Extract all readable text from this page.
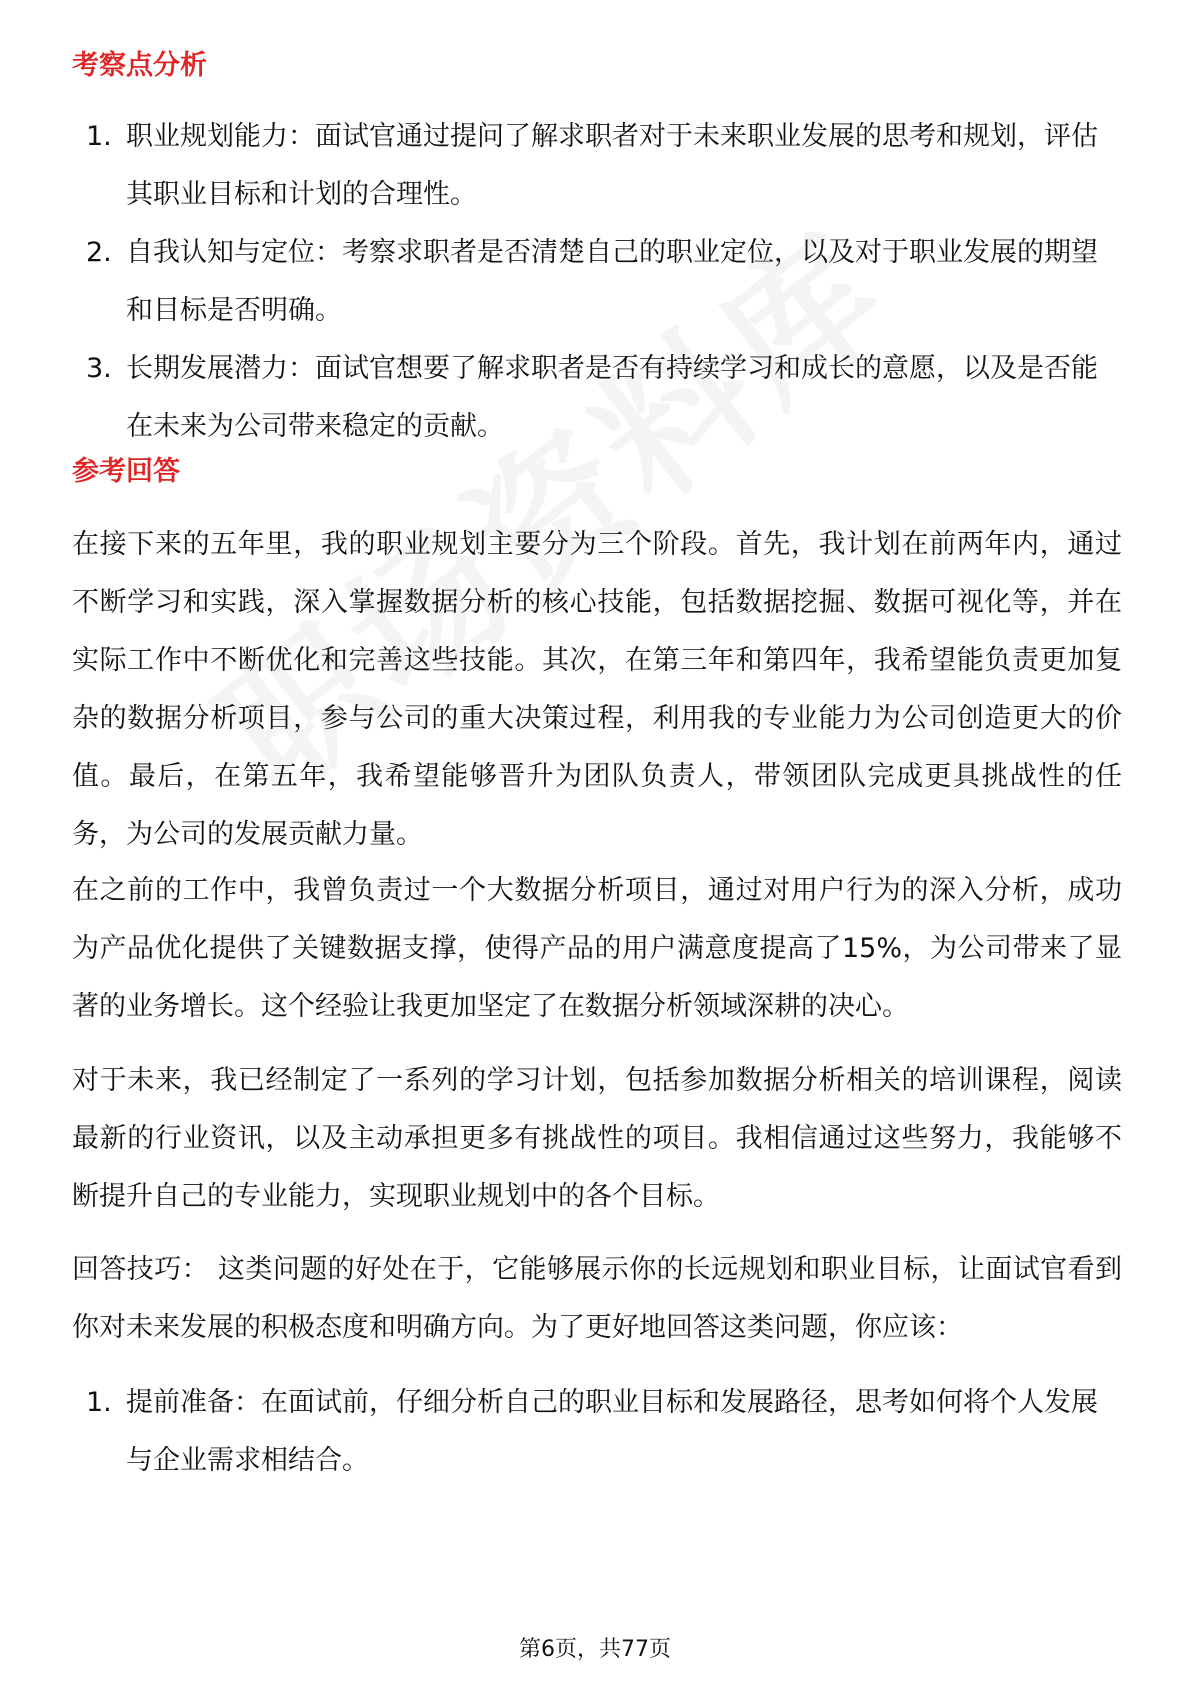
考察点分析
1. 职业规划能力：面试官通过提问了解求职者对于未来职业发展的思考和规划，评估其职业目标和计划的合理性。
2. 自我认知与定位：考察求职者是否清楚自己的职业定位，以及对于职业发展的期望和目标是否明确。
3. 长期发展潜力：面试官想要了解求职者是否有持续学习和成长的意愿，以及是否能在未来为公司带来稳定的贡献。
参考回答

在接下来的五年里，我的职业规划主要分为三个阶段。首先，我计划在前两年内，通过不断学习和实践，深入掌握数据分析的核心技能，包括数据挖掘、数据可视化等，并在实际工作中不断优化和完善这些技能。其次，在第三年和第四年，我希望能负责更加复杂的数据分析项目，参与公司的重大决策过程，利用我的专业能力为公司创造更大的价值。最后，在第五年，我希望能够晋升为团队负责人，带领团队完成更具挑战性的任务，为公司的发展贡献力量。

在之前的工作中，我曾负责过一个大数据分析项目，通过对用户行为的深入分析，成功为产品优化提供了关键数据支撑，使得产品的用户满意度提高了15%，为公司带来了显著的业务增长。这个经验让我更加坚定了在数据分析领域深耕的决心。

对于未来，我已经制定了一系列的学习计划，包括参加数据分析相关的培训课程，阅读最新的行业资讯，以及主动承担更多有挑战性的项目。我相信通过这些努力，我能够不断提升自己的专业能力，实现职业规划中的各个目标。

回答技巧： 这类问题的好处在于，它能够展示你的长远规划和职业目标，让面试官看到你对未来发展的积极态度和明确方向。为了更好地回答这类问题，你应该：

1. 提前准备：在面试前，仔细分析自己的职业目标和发展路径，思考如何将个人发展与企业需求相结合。
第6页，共77页
